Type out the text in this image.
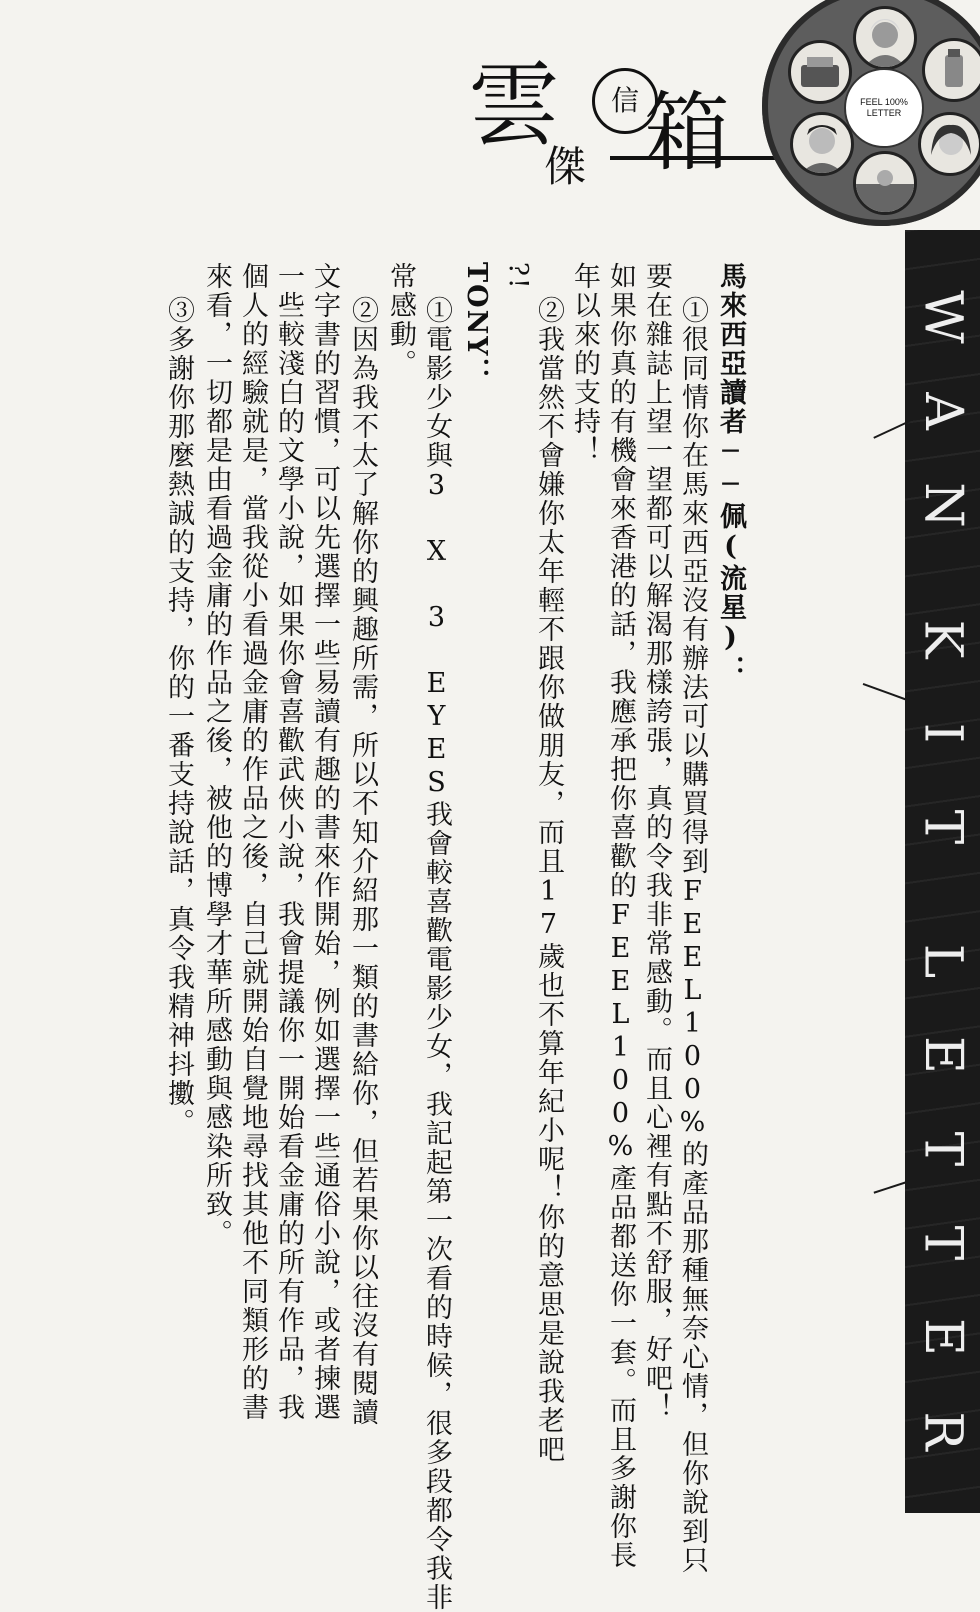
雲
傑
信 箱	FEEL 100%
LETTER
W
A
N
K
I
T
L
E
T
T
E
R

馬來西亞讀者──佩(流星)：

①很同情你在馬來西亞沒有辦法可以購買得到FEEL100%的產品那種無奈心情，但你說到只

要在雜誌上望一望都可以解渴那樣誇張，真的令我非常感動。而且心裡有點不舒服，好吧！

如果你真的有機會來香港的話，我應承把你喜歡的FEEL100%產品都送你一套。而且多謝你長

年以來的支持！

②我當然不會嫌你太年輕不跟你做朋友，而且17歲也不算年紀小呢！你的意思是說我老吧

?!

TONY：

①電影少女與3 X 3 EYES我會較喜歡電影少女，我記起第一次看的時候，很多段都令我非

常感動。

②因為我不太了解你的興趣所需，所以不知介紹那一類的書給你，但若果你以往沒有閱讀

文字書的習慣，可以先選擇一些易讀有趣的書來作開始，例如選擇一些通俗小說，或者揀選

一些較淺白的文學小說，如果你會喜歡武俠小說，我會提議你一開始看金庸的所有作品，我

個人的經驗就是，當我從小看過金庸的作品之後，自己就開始自覺地尋找其他不同類形的書

來看，一切都是由看過金庸的作品之後，被他的博學才華所感動與感染所致。

③多謝你那麼熱誠的支持，你的一番支持說話，真令我精神抖擻。
